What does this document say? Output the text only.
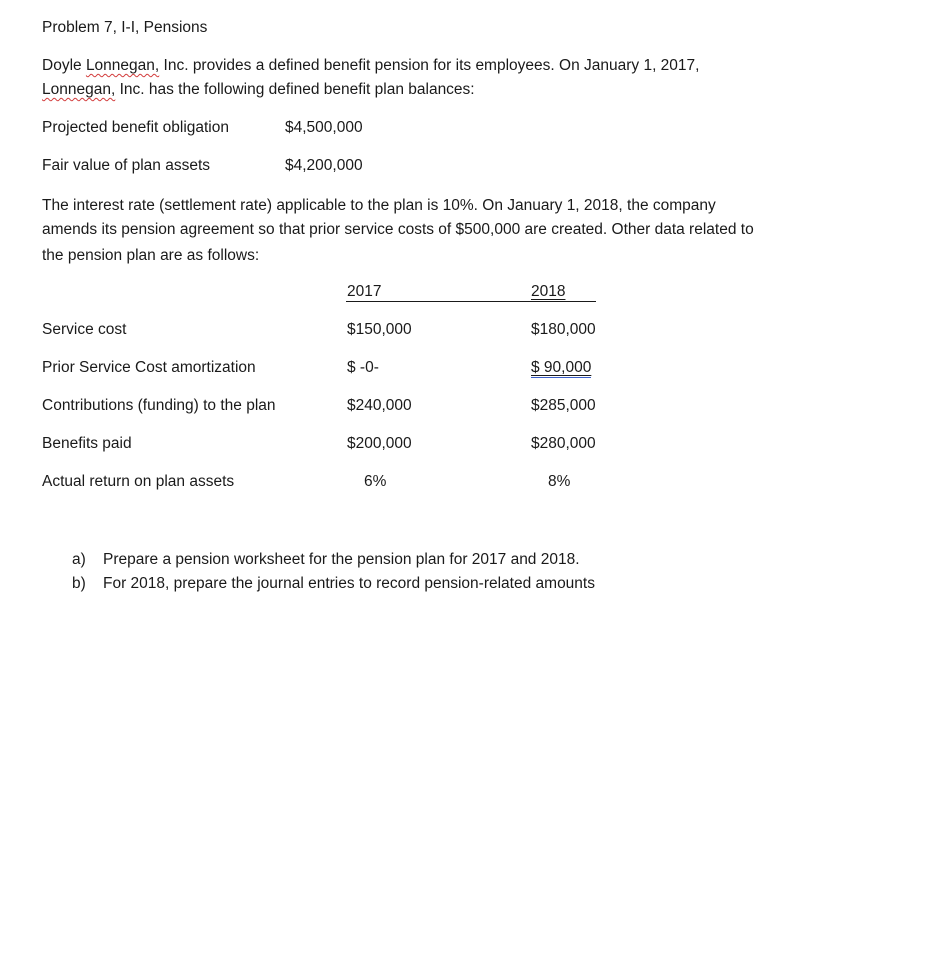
Problem 7, I-I, Pensions
Doyle Lonnegan, Inc. provides a defined benefit pension for its employees. On January 1, 2017,
Lonnegan, Inc. has the following defined benefit plan balances:
Projected benefit obligation	$4,500,000
Fair value of plan assets	$4,200,000
The interest rate (settlement rate) applicable to the plan is 10%. On January 1, 2018, the company
amends its pension agreement so that prior service costs of $500,000 are created. Other data related to
the pension plan are as follows:
2017	2018
Service cost	$150,000	$180,000
Prior Service Cost amortization	$ -0-	$ 90,000
Contributions (funding) to the plan	$240,000	$285,000
Benefits paid	$200,000	$280,000
Actual return on plan assets	6%	8%
a) Prepare a pension worksheet for the pension plan for 2017 and 2018.
b) For 2018, prepare the journal entries to record pension-related amounts
